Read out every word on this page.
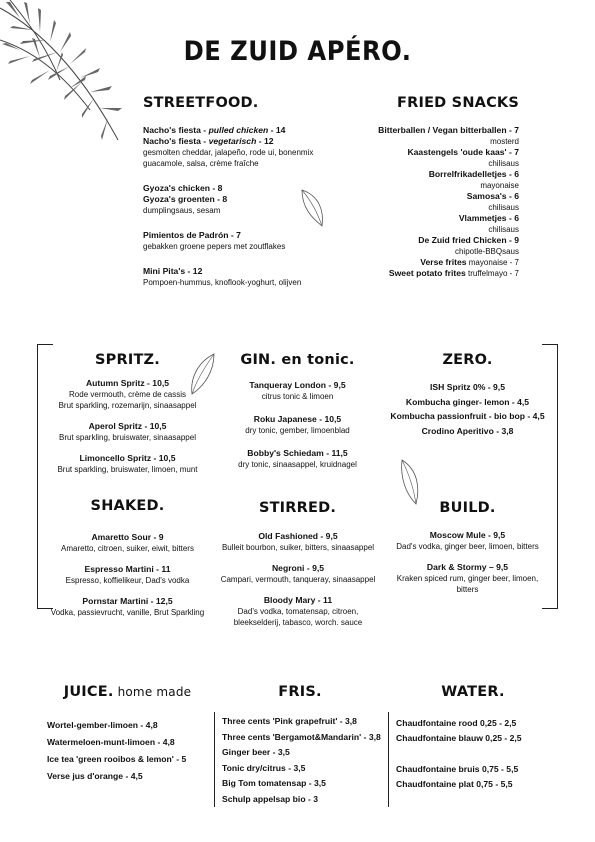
DE ZUID APÉRO.
STREETFOOD.
Nacho's fiesta - pulled chicken - 14
Nacho's fiesta - vegetarisch - 12
gesmolten cheddar, jalapeño, rode ui, bonenmix
guacamole, salsa, crème fraîche
Gyoza's chicken - 8
Gyoza's groenten - 8
dumplingsaus, sesam
Pimientos de Padrón - 7
gebakken groene pepers met zoutflakes
Mini Pita's - 12
Pompoen-hummus, knoflook-yoghurt, olijven
FRIED SNACKS
Bitterballen / Vegan bitterballen - 7
mosterd
Kaastengels 'oude kaas' - 7
chilisaus
Borrelfrikadelletjes - 6
mayonaise
Samosa's - 6
chilisaus
Vlammetjes - 6
chilisaus
De Zuid fried Chicken - 9
chipotle-BBQsaus
Verse frites mayonaise - 7
Sweet potato frites truffelmayo - 7
SPRITZ.
Autumn Spritz - 10,5
Rode vermouth, crème de cassis
Brut sparkling, rozemarijn, sinaasappel
Aperol Spritz - 10,5
Brut sparkling, bruiswater, sinaasappel
Limoncello Spritz - 10,5
Brut sparkling, bruiswater, limoen, munt
GIN. en tonic.
Tanqueray London - 9,5
citrus tonic & limoen
Roku Japanese - 10,5
dry tonic, gember, limoenblad
Bobby's Schiedam - 11,5
dry tonic, sinaasappel, kruidnagel
ZERO.
ISH Spritz 0% - 9,5
Kombucha ginger- lemon - 4,5
Kombucha passionfruit - bio bop - 4,5
Crodino Aperitivo - 3,8
SHAKED.
Amaretto Sour - 9
Amaretto, citroen, suiker, eiwit, bitters
Espresso Martini - 11
Espresso, koffielikeur, Dad's vodka
Pornstar Martini - 12,5
Vodka, passievrucht, vanille, Brut Sparkling
STIRRED.
Old Fashioned - 9,5
Bulleit bourbon, suiker, bitters, sinaasappel
Negroni - 9,5
Campari, vermouth, tanqueray, sinaasappel
Bloody Mary - 11
Dad's vodka, tomatensap, citroen,
bleekselderij, tabasco, worch. sauce
BUILD.
Moscow Mule - 9,5
Dad's vodka, ginger beer, limoen, bitters
Dark & Stormy – 9,5
Kraken spiced rum, ginger beer, limoen,
bitters
JUICE. home made
Wortel-gember-limoen - 4,8
Watermeloen-munt-limoen - 4,8
Ice tea 'green rooibos & lemon' - 5
Verse jus d'orange - 4,5
FRIS.
Three cents 'Pink grapefruit' - 3,8
Three cents 'Bergamot&Mandarin' - 3,8
Ginger beer - 3,5
Tonic dry/citrus - 3,5
Big Tom tomatensap - 3,5
Schulp appelsap bio - 3
WATER.
Chaudfontaine rood 0,25 - 2,5
Chaudfontaine blauw 0,25 - 2,5
Chaudfontaine bruis 0,75 - 5,5
Chaudfontaine plat 0,75 - 5,5
